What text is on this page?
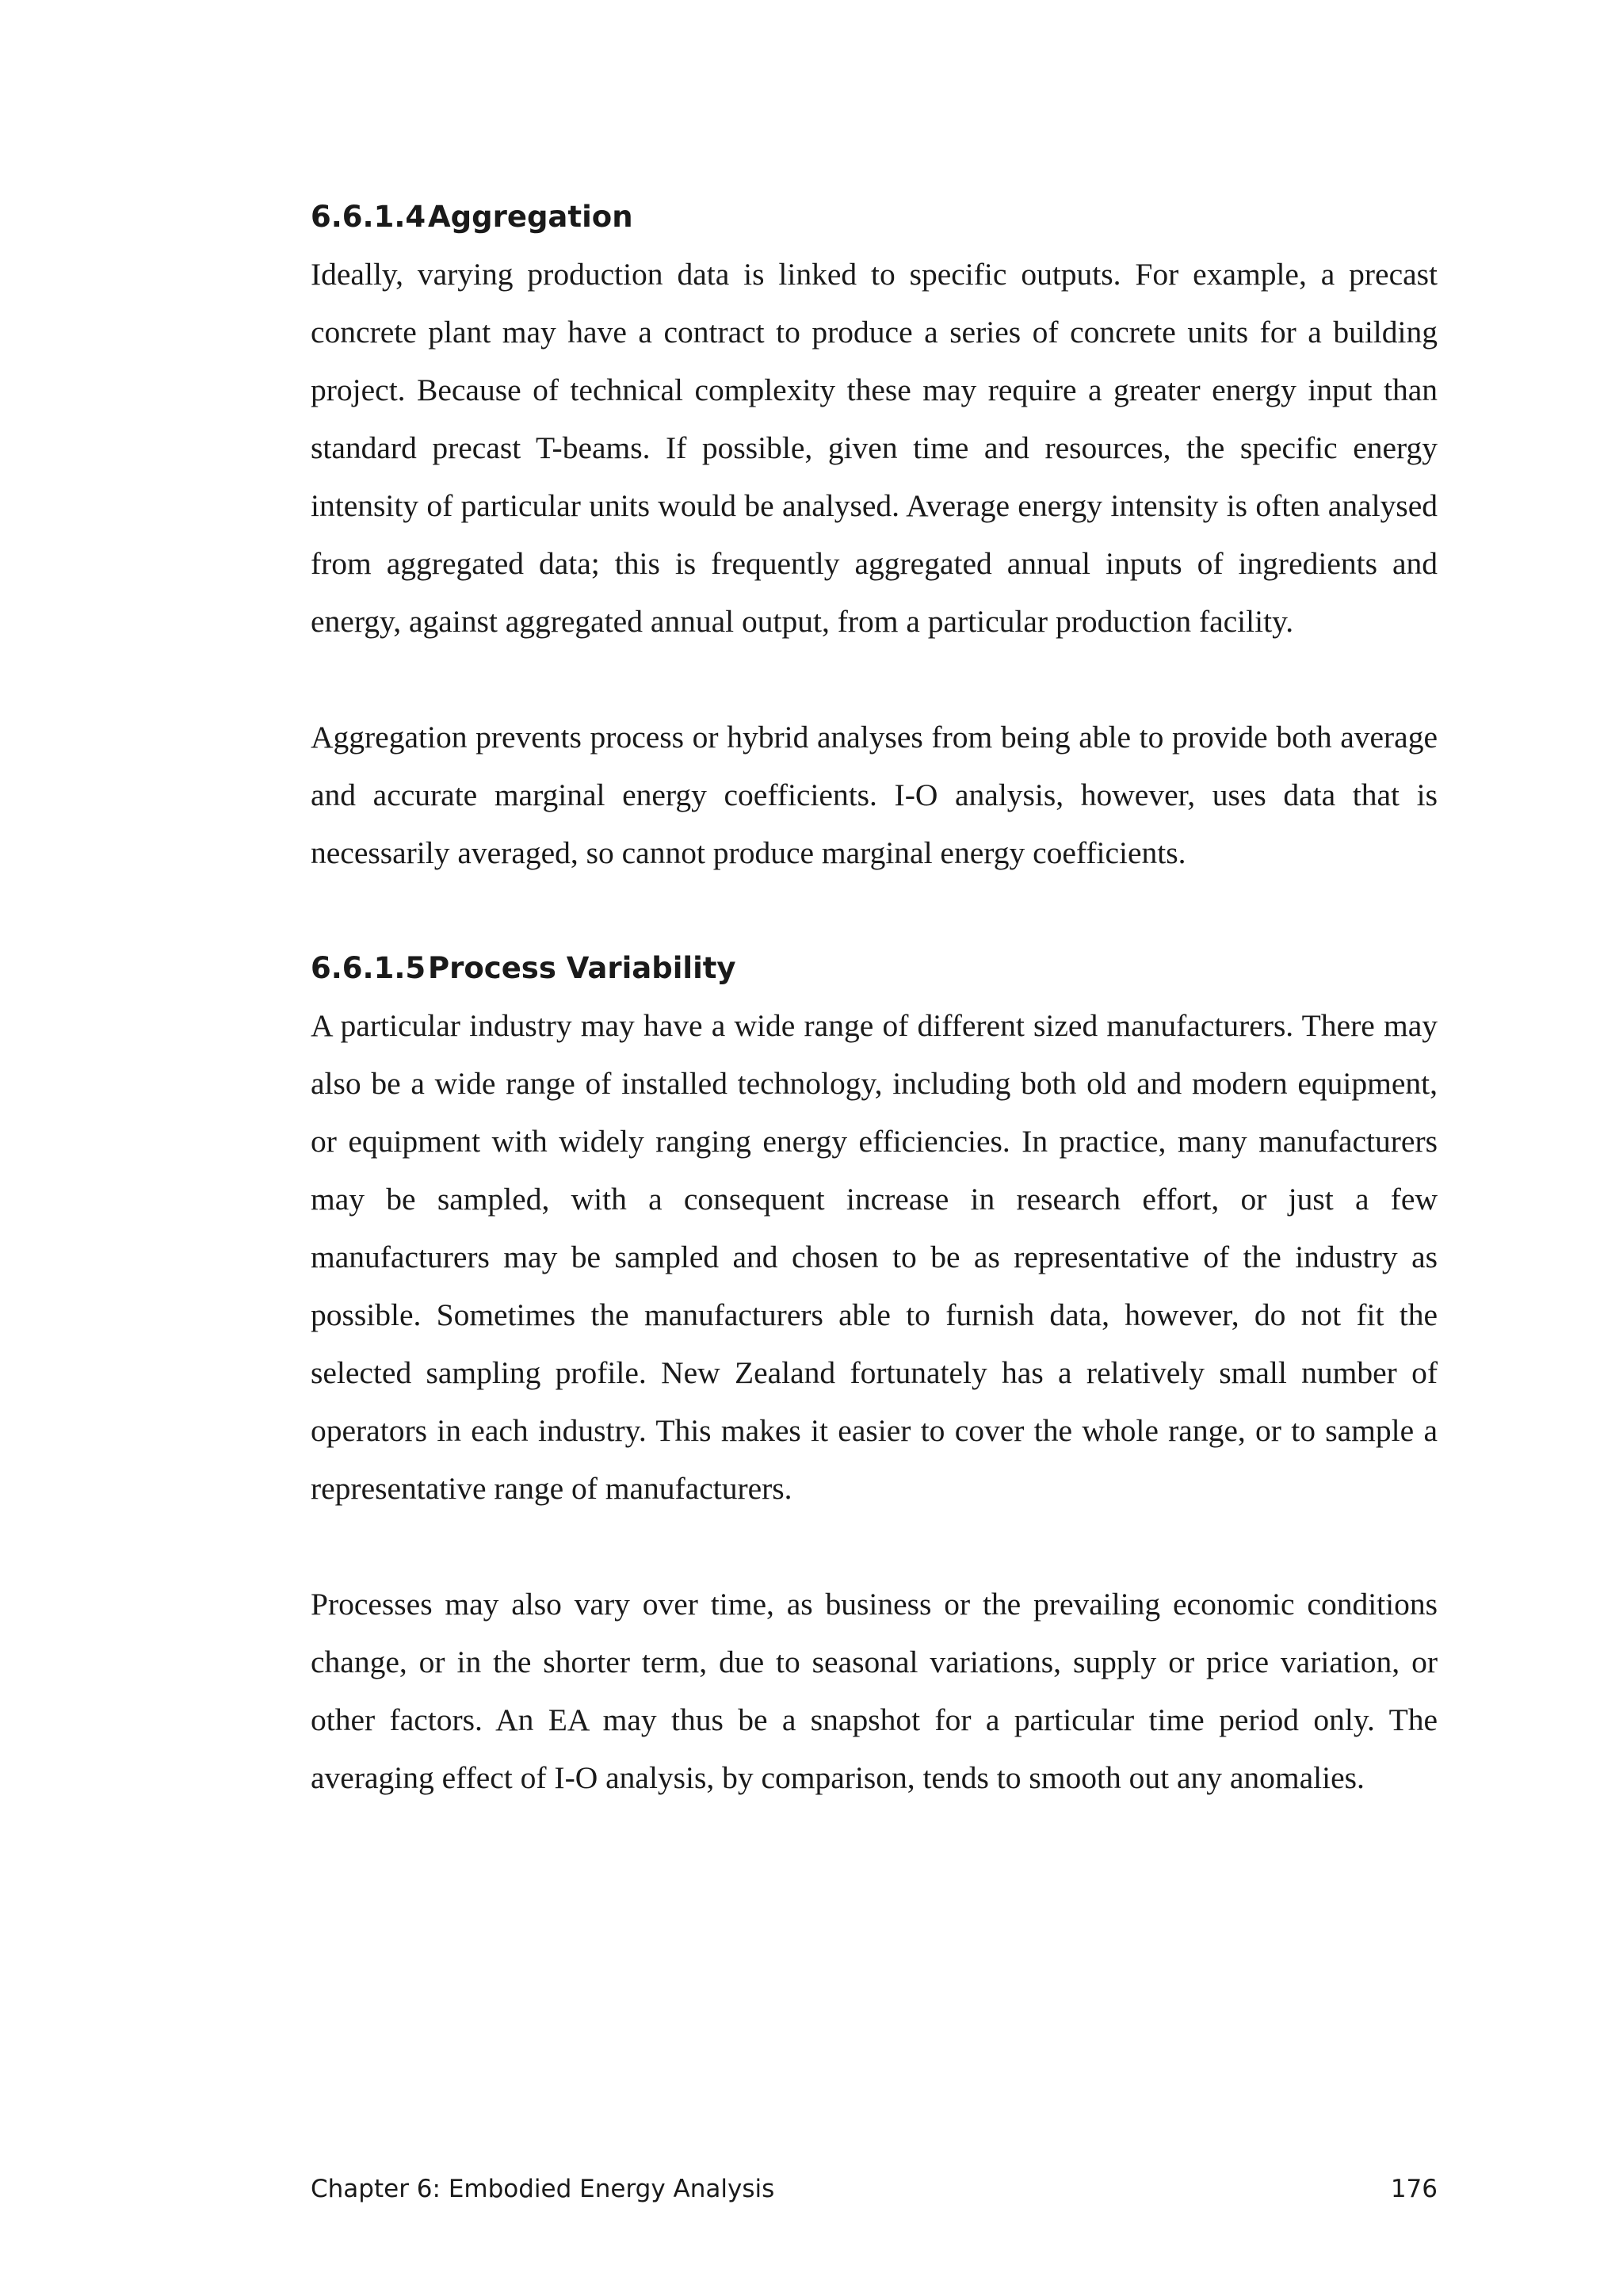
6.6.1.4Aggregation

Ideally, varying production data is linked to specific outputs. For example, a precast concrete plant may have a contract to produce a series of concrete units for a building project. Because of technical complexity these may require a greater energy input than standard precast T-beams. If possible, given time and resources, the specific energy intensity of particular units would be analysed. Average energy intensity is often analysed from aggregated data; this is frequently aggregated annual inputs of ingredients and energy, against aggregated annual output, from a particular production facility.

Aggregation prevents process or hybrid analyses from being able to provide both average and accurate marginal energy coefficients. I-O analysis, however, uses data that is necessarily averaged, so cannot produce marginal energy coefficients.

6.6.1.5Process Variability

A particular industry may have a wide range of different sized manufacturers. There may also be a wide range of installed technology, including both old and modern equipment, or equipment with widely ranging energy efficiencies. In practice, many manufacturers may be sampled, with a consequent increase in research effort, or just a few manufacturers may be sampled and chosen to be as representative of the industry as possible. Sometimes the manufacturers able to furnish data, however, do not fit the selected sampling profile. New Zealand fortunately has a relatively small number of operators in each industry. This makes it easier to cover the whole range, or to sample a representative range of manufacturers.

Processes may also vary over time, as business or the prevailing economic conditions change, or in the shorter term, due to seasonal variations, supply or price variation, or other factors. An EA may thus be a snapshot for a particular time period only. The averaging effect of I-O analysis, by comparison, tends to smooth out any anomalies.

Chapter 6: Embodied Energy Analysis	176
